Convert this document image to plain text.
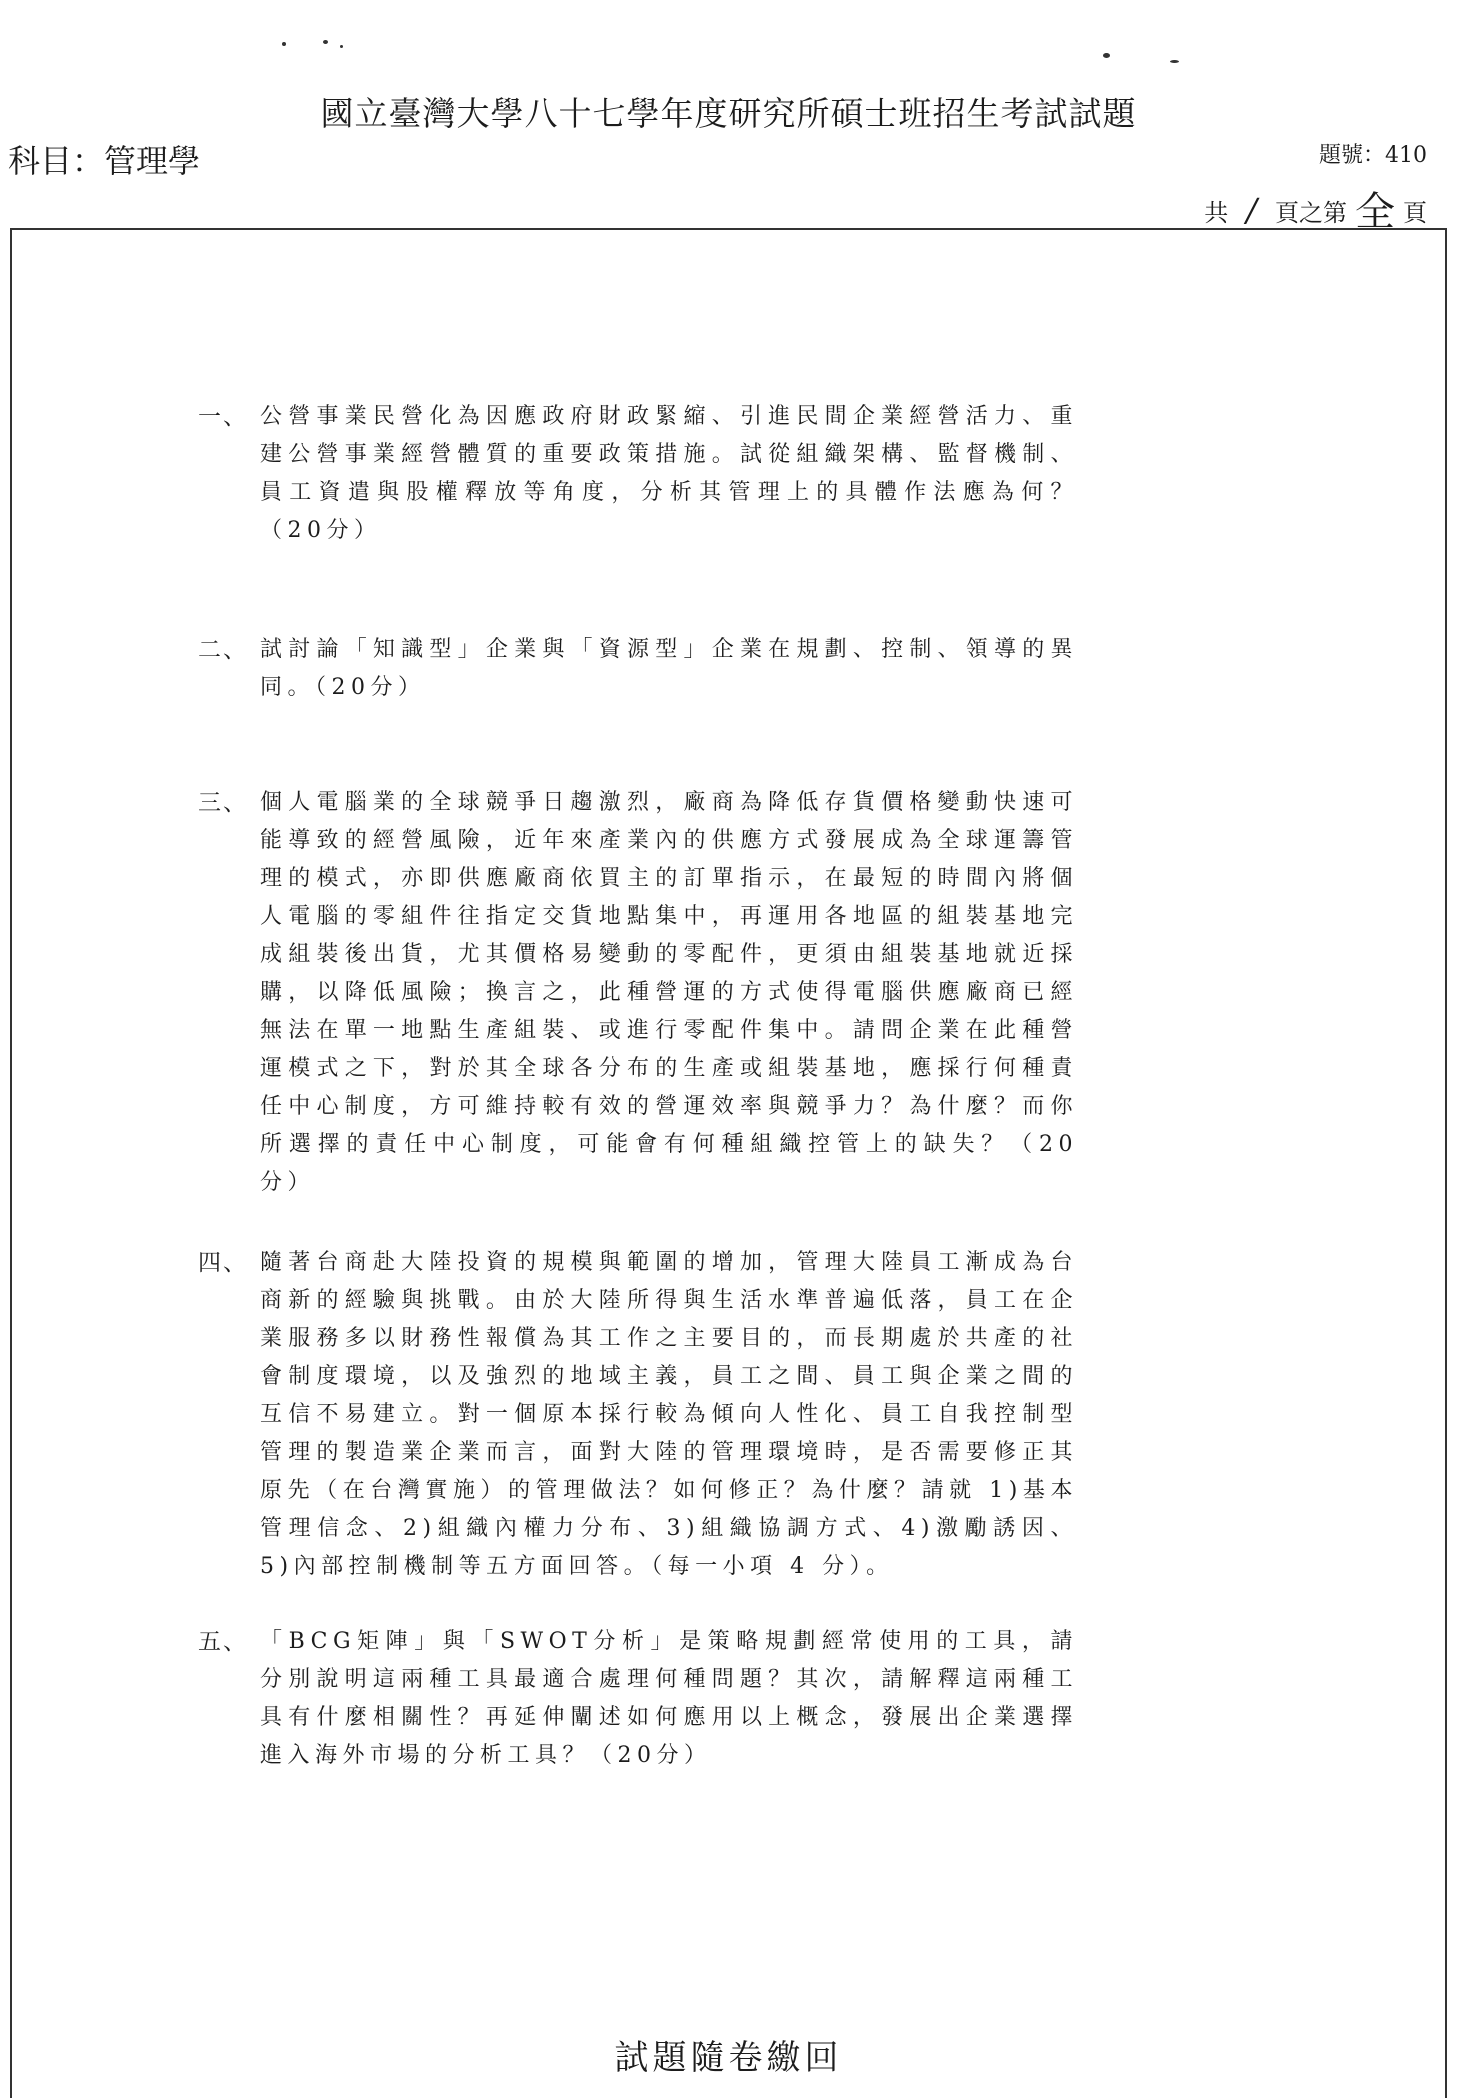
國立臺灣大學八十七學年度研究所碩士班招生考試試題
科目：管理學	題號：410
共 / 頁之第 全 頁
一、 公營事業民營化為因應政府財政緊縮、引進民間企業經營活力、重建公營事業經營體質的重要政策措施。試從組織架構、監督機制、員工資遣與股權釋放等角度，分析其管理上的具體作法應為何？（20分）
二、 試討論「知識型」企業與「資源型」企業在規劃、控制、領導的異同。（20分）
三、 個人電腦業的全球競爭日趨激烈，廠商為降低存貨價格變動快速可能導致的經營風險，近年來產業內的供應方式發展成為全球運籌管理的模式，亦即供應廠商依買主的訂單指示，在最短的時間內將個人電腦的零組件往指定交貨地點集中，再運用各地區的組裝基地完成組裝後出貨，尤其價格易變動的零配件，更須由組裝基地就近採購，以降低風險；換言之，此種營運的方式使得電腦供應廠商已經無法在單一地點生產組裝、或進行零配件集中。請問企業在此種營運模式之下，對於其全球各分布的生產或組裝基地，應採行何種責任中心制度，方可維持較有效的營運效率與競爭力？為什麼？而你所選擇的責任中心制度，可能會有何種組織控管上的缺失？（20分）
四、 隨著台商赴大陸投資的規模與範圍的增加，管理大陸員工漸成為台商新的經驗與挑戰。由於大陸所得與生活水準普遍低落，員工在企業服務多以財務性報償為其工作之主要目的，而長期處於共產的社會制度環境，以及強烈的地域主義，員工之間、員工與企業之間的互信不易建立。對一個原本採行較為傾向人性化、員工自我控制型管理的製造業企業而言，面對大陸的管理環境時，是否需要修正其原先（在台灣實施）的管理做法？如何修正？為什麼？請就 1)基本管理信念、2)組織內權力分布、3)組織協調方式、4)激勵誘因、5)內部控制機制等五方面回答。（每一小項 4 分）。
五、 「BCG矩陣」與「SWOT分析」是策略規劃經常使用的工具，請分別說明這兩種工具最適合處理何種問題？其次，請解釋這兩種工具有什麼相關性？再延伸闡述如何應用以上概念，發展出企業選擇進入海外市場的分析工具？（20分）
試題隨卷繳回
